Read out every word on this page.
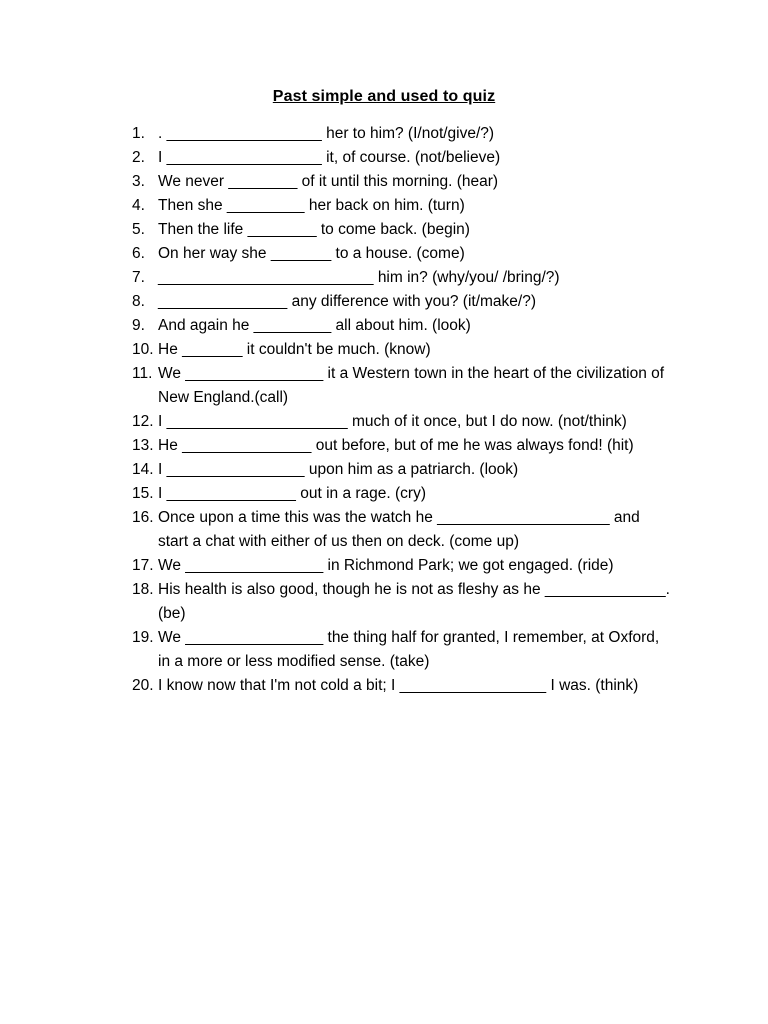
Past simple and used to quiz
1. . __________________ her to him? (I/not/give/?)
2. I __________________ it, of course. (not/believe)
3. We never ________ of it until this morning. (hear)
4. Then she _________ her back on him. (turn)
5. Then the life ________ to come back. (begin)
6. On her way she _______ to a house. (come)
7. _________________________ him in? (why/you/ /bring/?)
8. _______________ any difference with you? (it/make/?)
9. And again he _________ all about him. (look)
10. He _______ it couldn't be much. (know)
11. We ________________ it a Western town in the heart of the civilization of New England.(call)
12. I _____________________ much of it once, but I do now. (not/think)
13. He _______________ out before, but of me he was always fond! (hit)
14. I ________________ upon him as a patriarch. (look)
15. I _______________ out in a rage. (cry)
16. Once upon a time this was the watch he ____________________ and start a chat with either of us then on deck. (come up)
17. We ________________ in Richmond Park; we got engaged. (ride)
18. His health is also good, though he is not as fleshy as he ______________. (be)
19. We ________________ the thing half for granted, I remember, at Oxford, in a more or less modified sense. (take)
20. I know now that I'm not cold a bit; I _________________ I was. (think)
